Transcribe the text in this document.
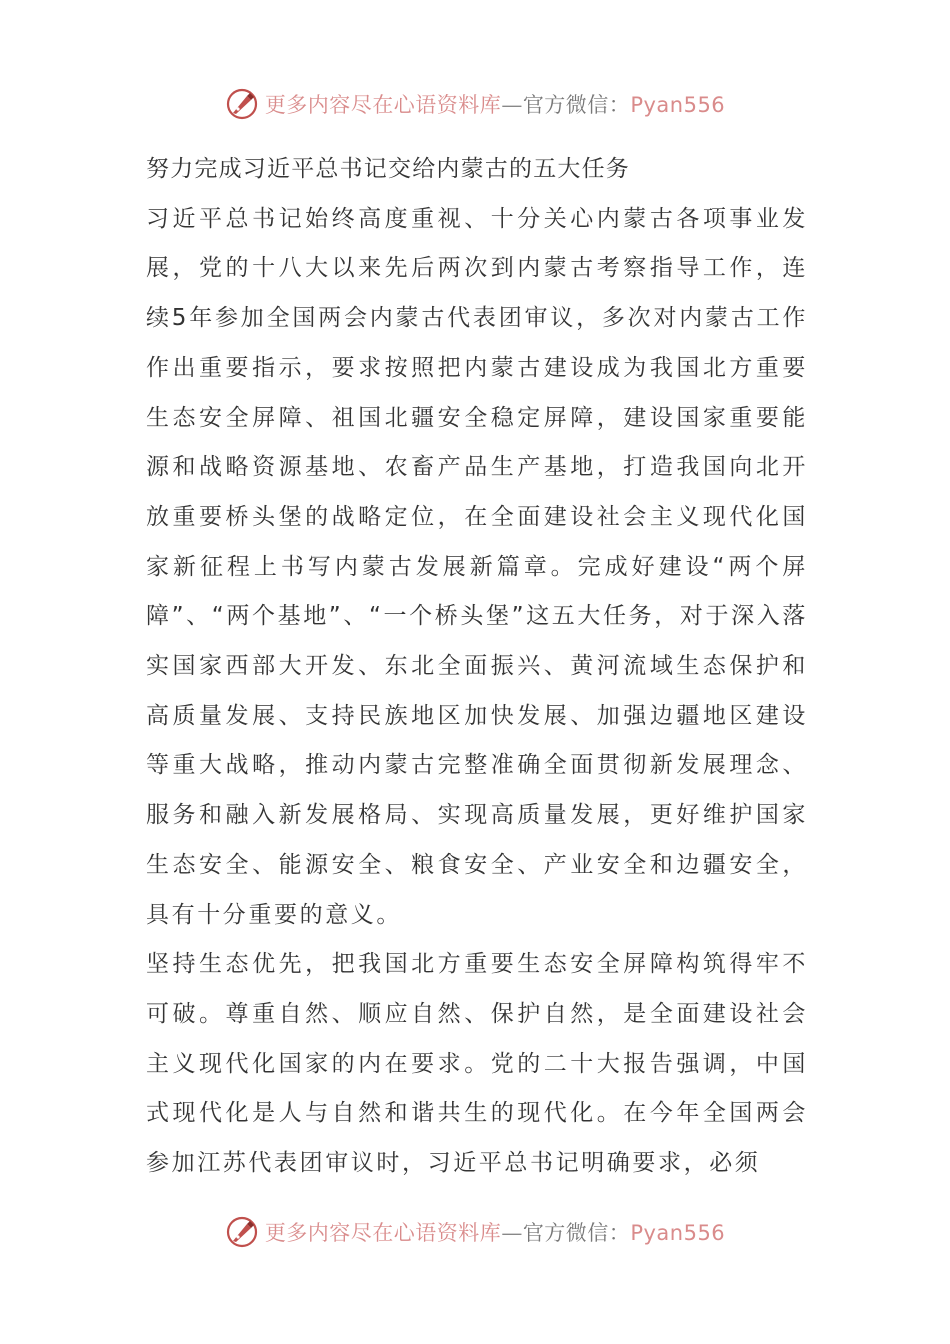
更多内容尽在心语资料库—官方微信：Pyan556

努力完成习近平总书记交给内蒙古的五大任务

习近平总书记始终高度重视、十分关心内蒙古各项事业发展，党的十八大以来先后两次到内蒙古考察指导工作，连续5年参加全国两会内蒙古代表团审议，多次对内蒙古工作作出重要指示，要求按照把内蒙古建设成为我国北方重要生态安全屏障、祖国北疆安全稳定屏障，建设国家重要能源和战略资源基地、农畜产品生产基地，打造我国向北开放重要桥头堡的战略定位，在全面建设社会主义现代化国家新征程上书写内蒙古发展新篇章。完成好建设“两个屏障”、“两个基地”、“一个桥头堡”这五大任务，对于深入落实国家西部大开发、东北全面振兴、黄河流域生态保护和高质量发展、支持民族地区加快发展、加强边疆地区建设等重大战略，推动内蒙古完整准确全面贯彻新发展理念、服务和融入新发展格局、实现高质量发展，更好维护国家生态安全、能源安全、粮食安全、产业安全和边疆安全，具有十分重要的意义。

坚持生态优先，把我国北方重要生态安全屏障构筑得牢不可破。尊重自然、顺应自然、保护自然，是全面建设社会主义现代化国家的内在要求。党的二十大报告强调，中国式现代化是人与自然和谐共生的现代化。在今年全国两会参加江苏代表团审议时，习近平总书记明确要求，必须

更多内容尽在心语资料库—官方微信：Pyan556
